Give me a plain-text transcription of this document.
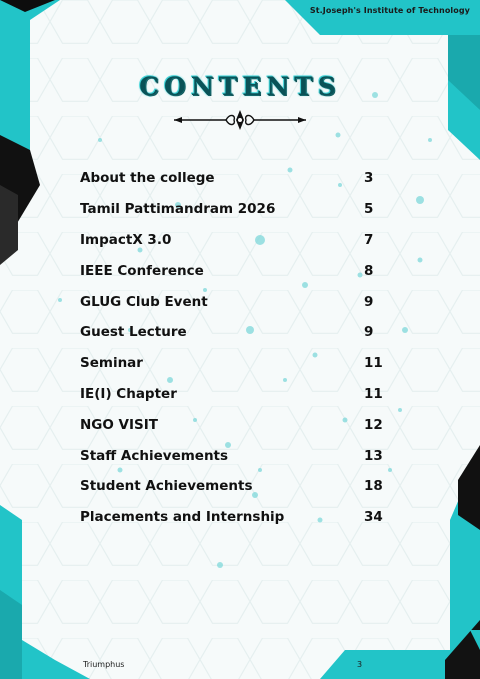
St.Joseph's Institute of Technology
CONTENTS
About the college	3
Tamil Pattimandram 2026	5
ImpactX 3.0	7
IEEE Conference	8
GLUG Club Event	9
Guest Lecture	9
Seminar	11
IE(I) Chapter	11
NGO VISIT	12
Staff Achievements	13
Student Achievements	18
Placements and Internship	34
Triumphus	3
